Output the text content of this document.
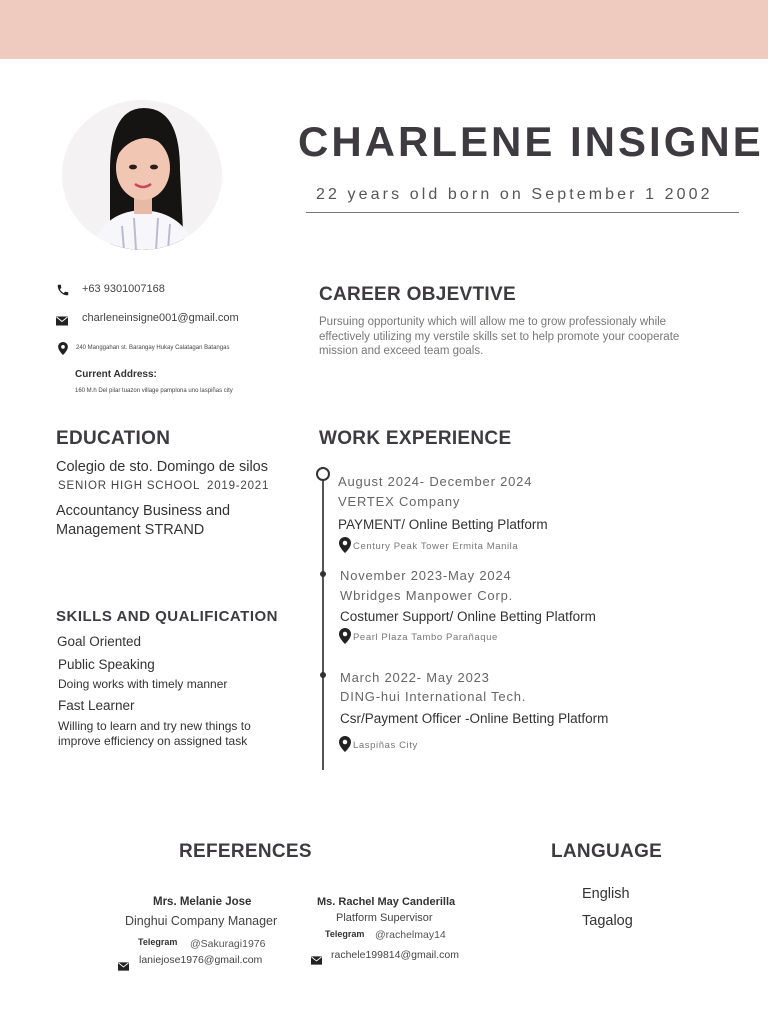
CHARLENE INSIGNE
22 years old born on September 1 2002
+63 9301007168
charleneinsigne001@gmail.com
240 Manggahan st. Barangay Hukay Calatagan Batangas
Current Address:
160 M.h Del pilar tuazon village pamplona uno laspiñas city
CAREER OBJEVTIVE
Pursuing opportunity which will allow me to grow professionaly while
effectively utilizing my verstile skills set to help promote your cooperate
mission and exceed team goals.
EDUCATION
Colegio de sto. Domingo de silos
SENIOR HIGH SCHOOL 2019-2021
Accountancy Business and
Management STRAND
SKILLS AND QUALIFICATION
Goal Oriented
Public Speaking
Doing works with timely manner
Fast Learner
Willing to learn and try new things to
improve efficiency on assigned task
WORK EXPERIENCE
August 2024- December 2024
VERTEX Company
PAYMENT/ Online Betting Platform
Century Peak Tower Ermita Manila
November 2023-May 2024
Wbridges Manpower Corp.
Costumer Support/ Online Betting Platform
Pearl Plaza Tambo Parañaque
March 2022- May 2023
DING-hui International Tech.
Csr/Payment Officer -Online Betting Platform
Laspiñas City
REFERENCES
Mrs. Melanie Jose
Dinghui Company Manager
Telegram @Sakuragi1976
laniejose1976@gmail.com
Ms. Rachel May Canderilla
Platform Supervisor
Telegram @rachelmay14
rachele199814@gmail.com
LANGUAGE
English
Tagalog
